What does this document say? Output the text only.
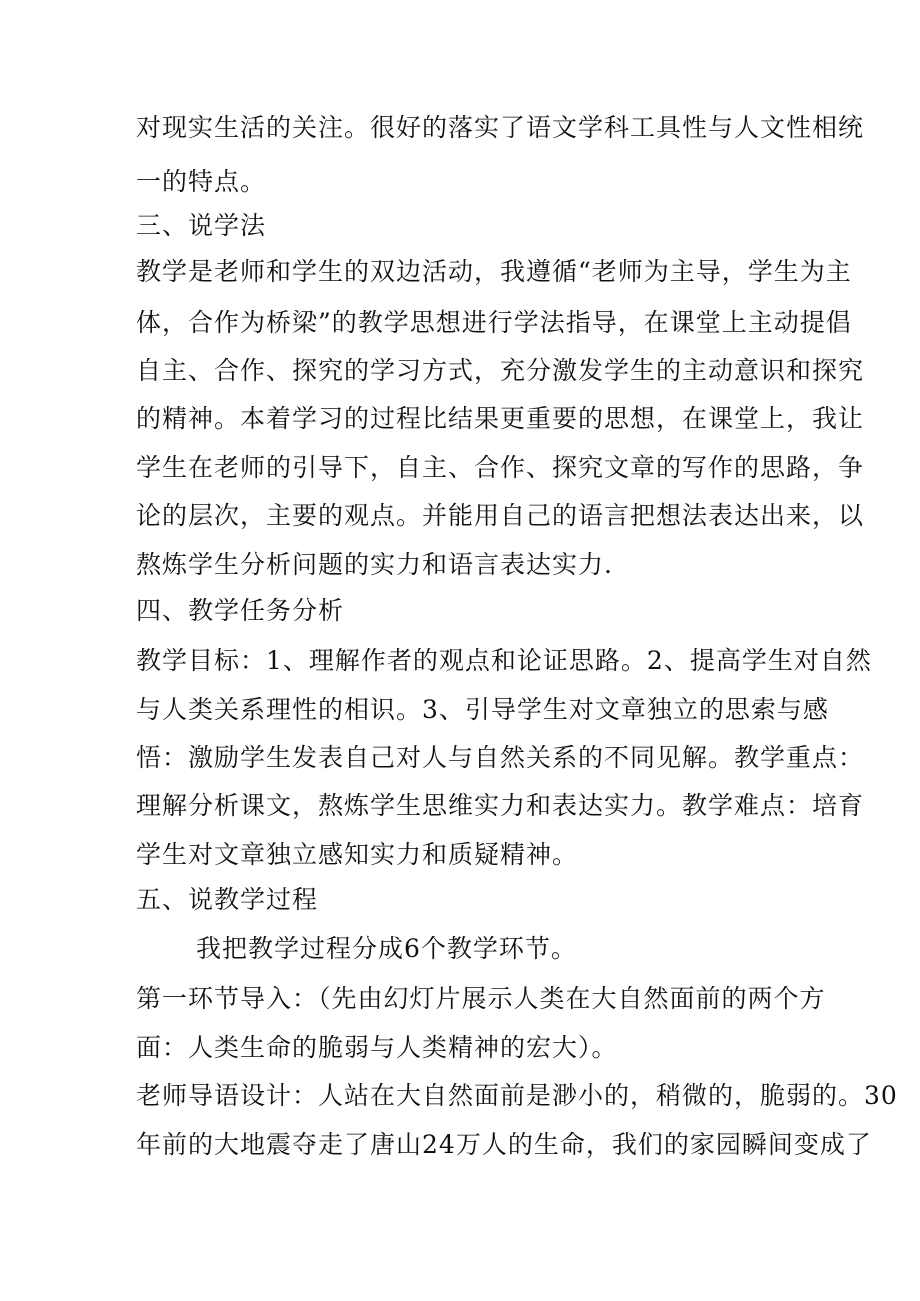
对现实生活的关注。很好的落实了语文学科工具性与人文性相统
一的特点。
三、说学法
教学是老师和学生的双边活动，我遵循“老师为主导，学生为主
体，合作为桥梁”的教学思想进行学法指导，在课堂上主动提倡
自主、合作、探究的学习方式，充分激发学生的主动意识和探究
的精神。本着学习的过程比结果更重要的思想，在课堂上，我让
学生在老师的引导下，自主、合作、探究文章的写作的思路，争
论的层次，主要的观点。并能用自己的语言把想法表达出来，以
熬炼学生分析问题的实力和语言表达实力.
四、教学任务分析
教学目标：1、理解作者的观点和论证思路。2、提高学生对自然
与人类关系理性的相识。3、引导学生对文章独立的思索与感
悟：激励学生发表自己对人与自然关系的不同见解。教学重点：
理解分析课文，熬炼学生思维实力和表达实力。教学难点：培育
学生对文章独立感知实力和质疑精神。
五、说教学过程
我把教学过程分成6个教学环节。
第一环节导入：（先由幻灯片展示人类在大自然面前的两个方
面：人类生命的脆弱与人类精神的宏大）。
老师导语设计：人站在大自然面前是渺小的，稍微的，脆弱的。30
年前的大地震夺走了唐山24万人的生命，我们的家园瞬间变成了
